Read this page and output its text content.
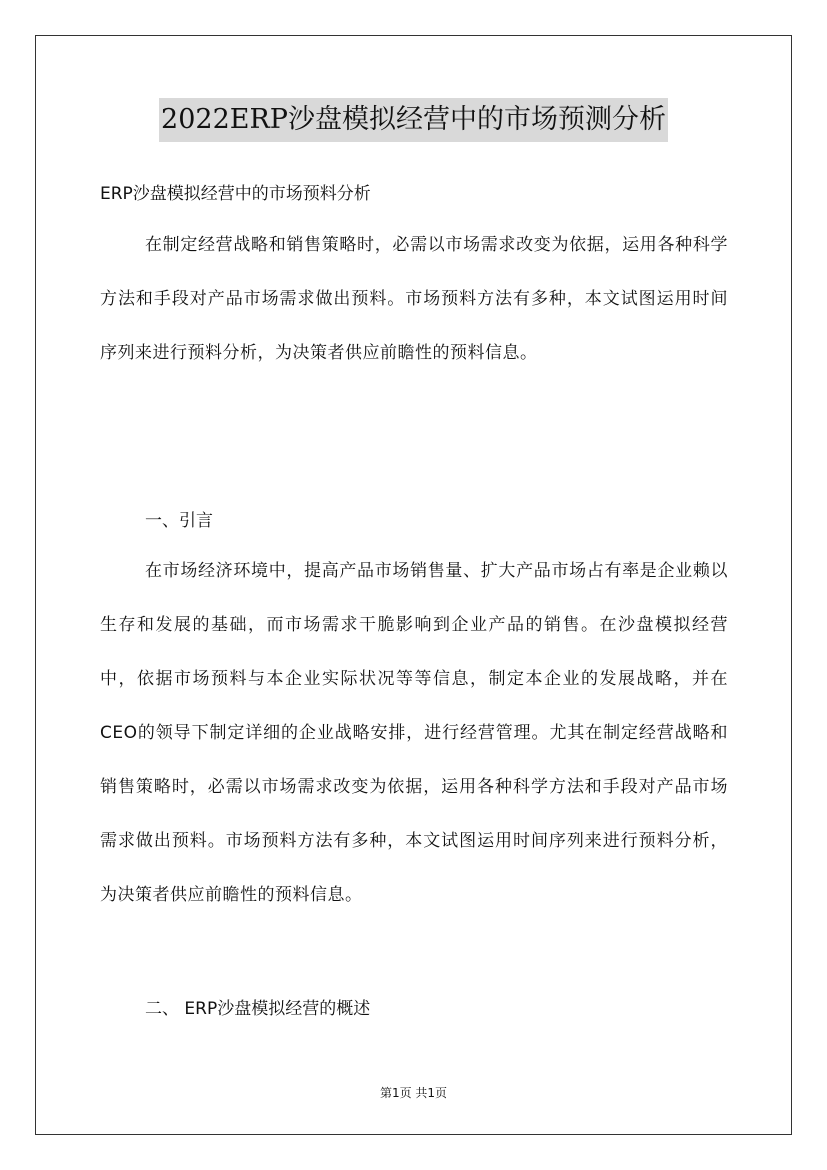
2022ERP沙盘模拟经营中的市场预测分析
ERP沙盘模拟经营中的市场预料分析

在制定经营战略和销售策略时，必需以市场需求改变为依据，运用各种科学方法和手段对产品市场需求做出预料。市场预料方法有多种，本文试图运用时间序列来进行预料分析，为决策者供应前瞻性的预料信息。

一、引言

在市场经济环境中，提高产品市场销售量、扩大产品市场占有率是企业赖以生存和发展的基础，而市场需求干脆影响到企业产品的销售。在沙盘模拟经营中，依据市场预料与本企业实际状况等等信息，制定本企业的发展战略，并在CEO的领导下制定详细的企业战略安排，进行经营管理。尤其在制定经营战略和销售策略时，必需以市场需求改变为依据，运用各种科学方法和手段对产品市场需求做出预料。市场预料方法有多种，本文试图运用时间序列来进行预料分析，为决策者供应前瞻性的预料信息。

二、 ERP沙盘模拟经营的概述
第1页 共1页
